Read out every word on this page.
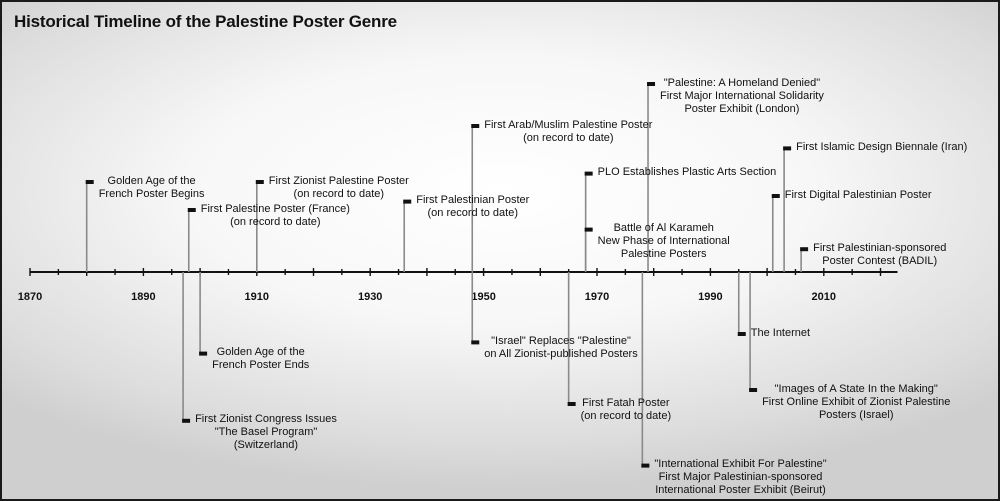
Historical Timeline of the Palestine Poster Genre
1870	1890	1910	1930	1950	1970	1990	2010
Golden Age of the
French Poster Begins
First Palestine Poster (France)
(on record to date)
First Zionist Palestine Poster
(on record to date)
First Palestinian Poster
(on record to date)
First Arab/Muslim Palestine Poster
(on record to date)
PLO Establishes Plastic Arts Section
Battle of Al Karameh
New Phase of International
Palestine Posters
"Palestine: A Homeland Denied"
First Major International Solidarity
Poster Exhibit (London)
First Digital Palestinian Poster
First Islamic Design Biennale (Iran)
First Palestinian-sponsored
Poster Contest (BADIL)
Golden Age of the
French Poster Ends
First Zionist Congress Issues
"The Basel Program"
(Switzerland)
"Israel" Replaces "Palestine"
on All Zionist-published Posters
First Fatah Poster
(on record to date)
"International Exhibit For Palestine"
First Major Palestinian-sponsored
International Poster Exhibit (Beirut)
The Internet
"Images of A State In the Making"
First Online Exhibit of Zionist Palestine
Posters (Israel)
